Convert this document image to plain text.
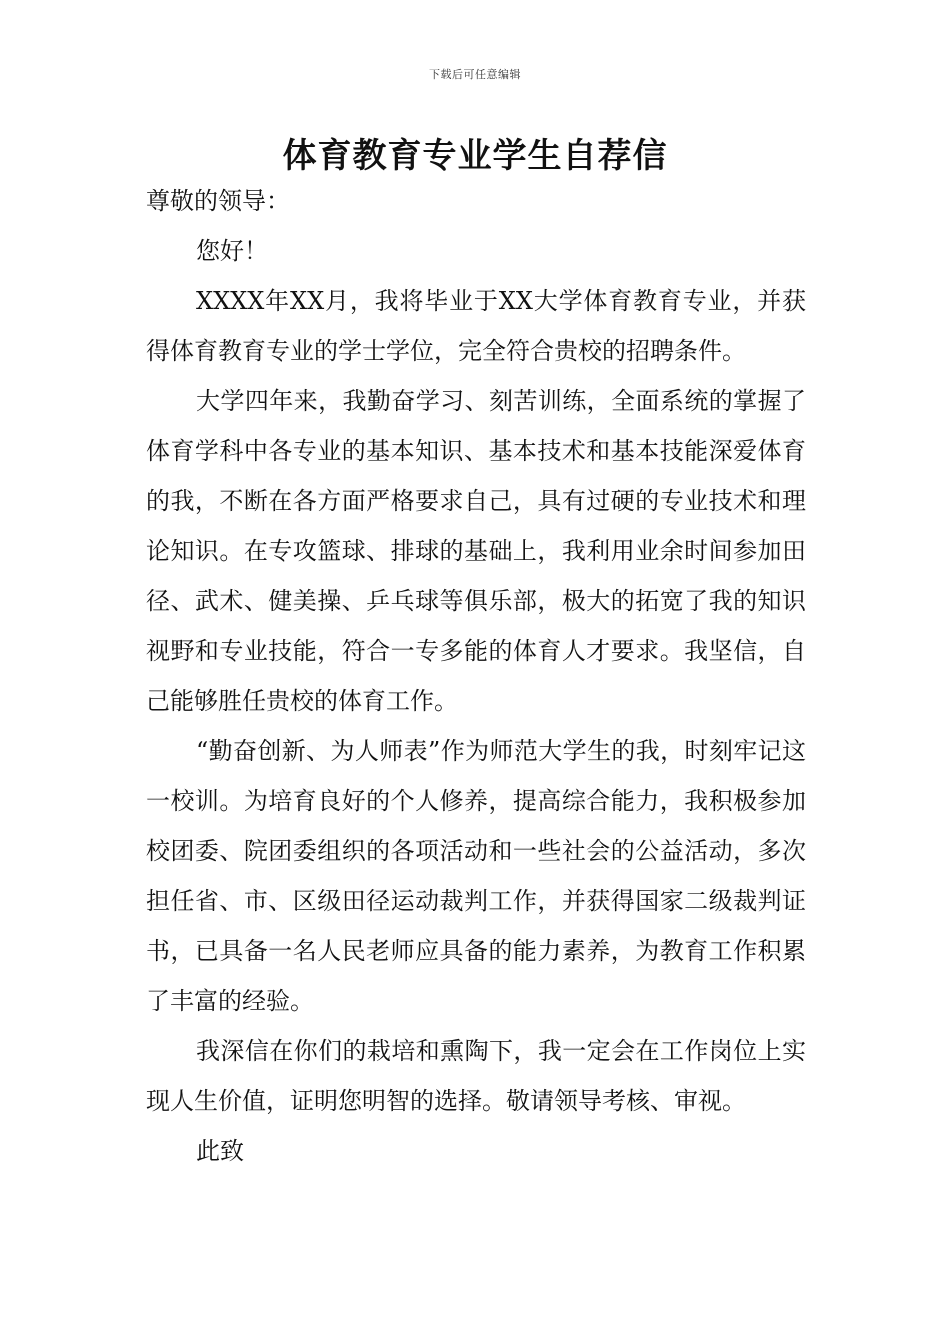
下载后可任意编辑
体育教育专业学生自荐信

尊敬的领导：

您好！

XXXX年XX月，我将毕业于XX大学体育教育专业，并获得体育教育专业的学士学位，完全符合贵校的招聘条件。

大学四年来，我勤奋学习、刻苦训练，全面系统的掌握了体育学科中各专业的基本知识、基本技术和基本技能深爱体育的我，不断在各方面严格要求自己，具有过硬的专业技术和理论知识。在专攻篮球、排球的基础上，我利用业余时间参加田径、武术、健美操、乒乓球等俱乐部，极大的拓宽了我的知识视野和专业技能，符合一专多能的体育人才要求。我坚信，自己能够胜任贵校的体育工作。

“勤奋创新、为人师表”作为师范大学生的我，时刻牢记这一校训。为培育良好的个人修养，提高综合能力，我积极参加校团委、院团委组织的各项活动和一些社会的公益活动，多次担任省、市、区级田径运动裁判工作，并获得国家二级裁判证书，已具备一名人民老师应具备的能力素养，为教育工作积累了丰富的经验。

我深信在你们的栽培和熏陶下，我一定会在工作岗位上实现人生价值，证明您明智的选择。敬请领导考核、审视。

此致
